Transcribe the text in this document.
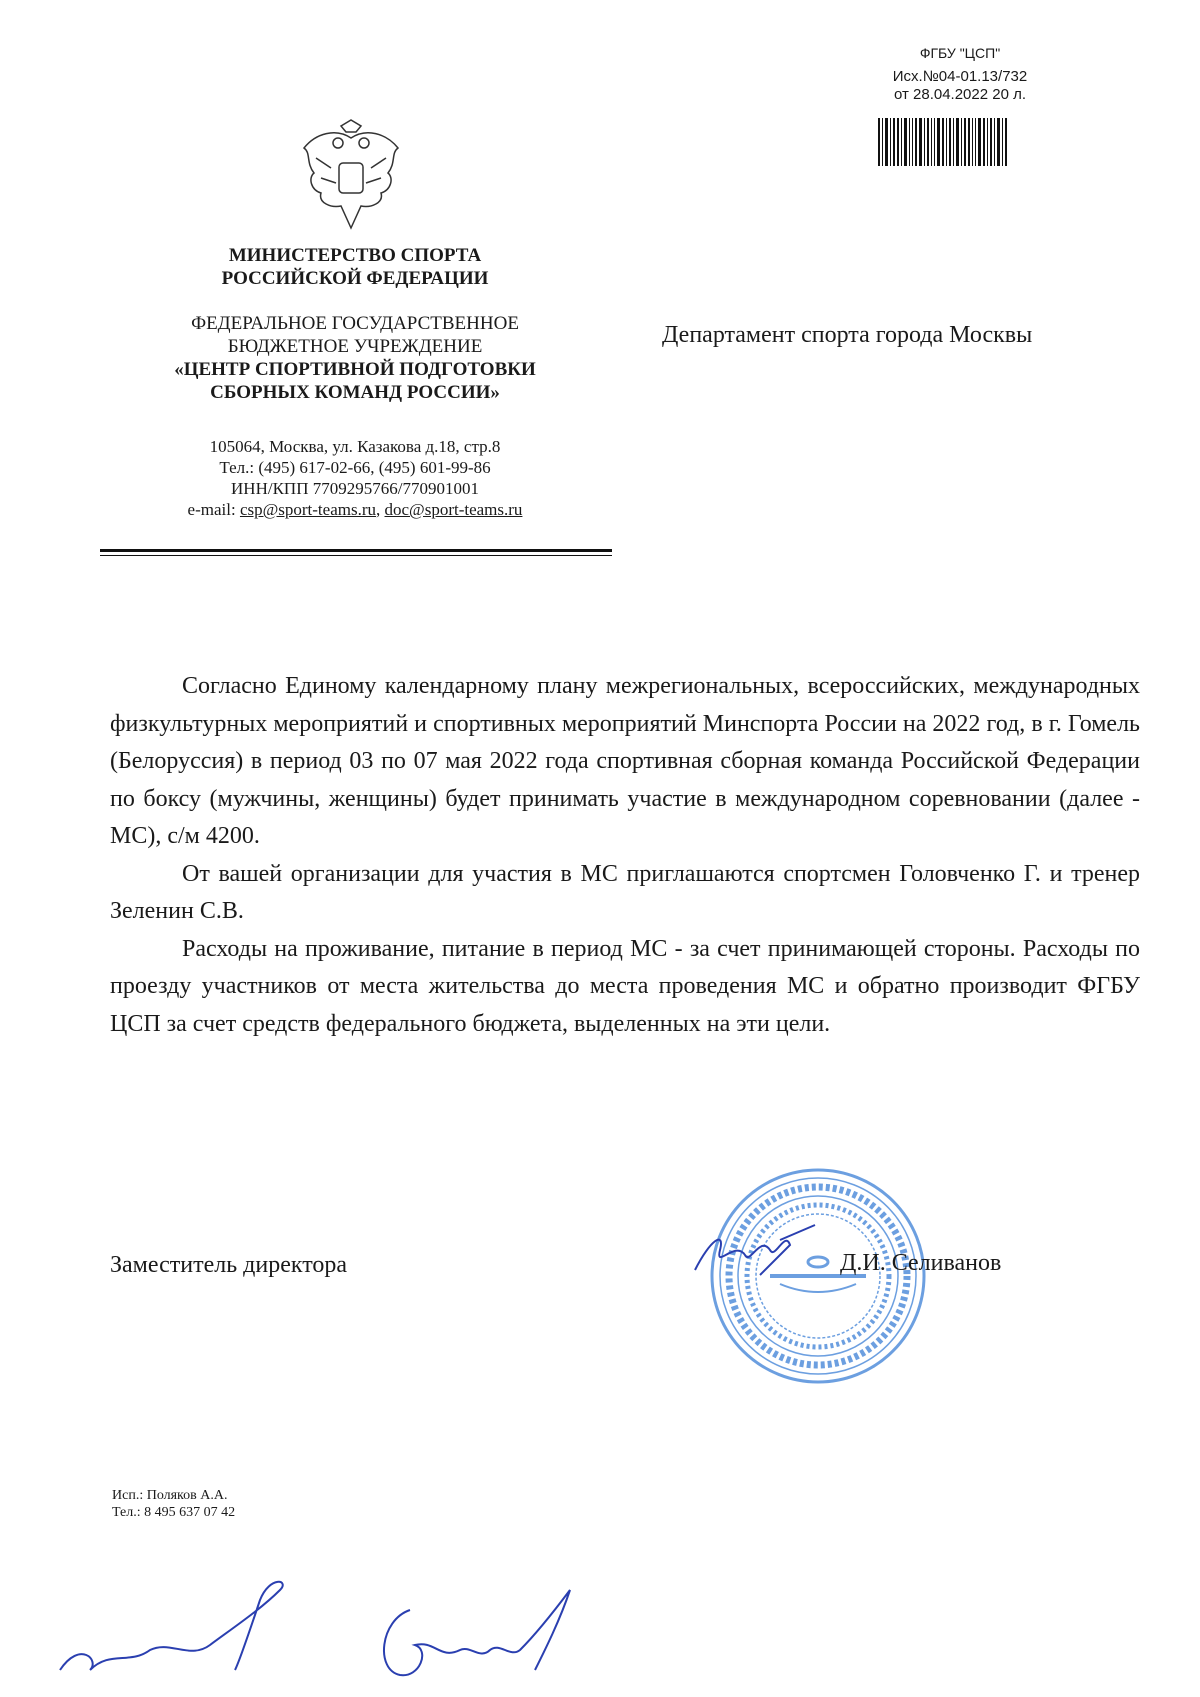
ФГБУ "ЦСП"
Исх.№04-01.13/732
от 28.04.2022 20 л.
МИНИСТЕРСТВО СПОРТА
РОССИЙСКОЙ ФЕДЕРАЦИИ
ФЕДЕРАЛЬНОЕ ГОСУДАРСТВЕННОЕ
БЮДЖЕТНОЕ УЧРЕЖДЕНИЕ
«ЦЕНТР СПОРТИВНОЙ ПОДГОТОВКИ
СБОРНЫХ КОМАНД РОССИИ»
105064, Москва, ул. Казакова д.18, стр.8
Тел.: (495) 617-02-66, (495) 601-99-86
ИНН/КПП 7709295766/770901001
e-mail: csp@sport-teams.ru, doc@sport-teams.ru
Департамент спорта города Москвы

Согласно Единому календарному плану межрегиональных, всероссийских, международных физкультурных мероприятий и спортивных мероприятий Минспорта России на 2022 год, в г. Гомель (Белоруссия) в период 03 по 07 мая 2022 года спортивная сборная команда Российской Федерации по боксу (мужчины, женщины) будет принимать участие в международном соревновании (далее - МС), с/м 4200.

От вашей организации для участия в МС приглашаются спортсмен Головченко Г. и тренер Зеленин С.В.

Расходы на проживание, питание в период МС - за счет принимающей стороны. Расходы по проезду участников от места жительства до места проведения МС и обратно производит ФГБУ ЦСП за счет средств федерального бюджета, выделенных на эти цели.

Заместитель директора	Д.И. Селиванов
Исп.: Поляков А.А.
Тел.: 8 495 637 07 42
